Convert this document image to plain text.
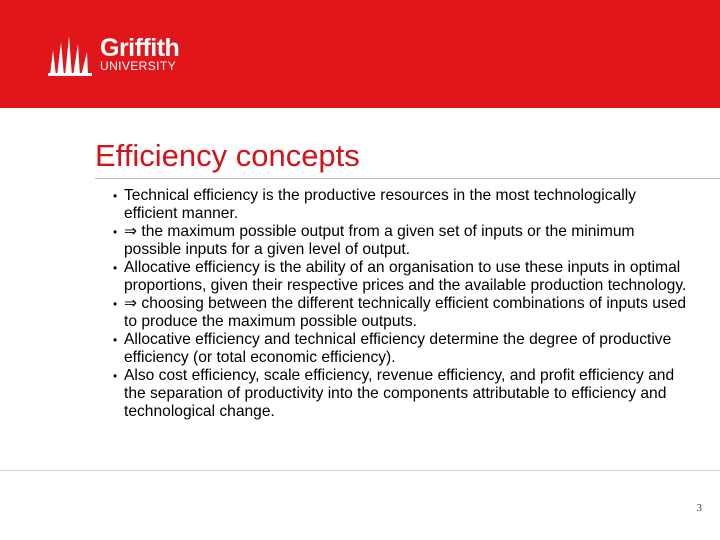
Griffith
UNIVERSITY
Efficiency concepts
• Technical efficiency is the productive resources in the most technologically efficient manner.
• ⇒ the maximum possible output from a given set of inputs or the minimum possible inputs for a given level of output.
• Allocative efficiency is the ability of an organisation to use these inputs in optimal proportions, given their respective prices and the available production technology.
• ⇒ choosing between the different technically efficient combinations of inputs used to produce the maximum possible outputs.
• Allocative efficiency and technical efficiency determine the degree of productive efficiency (or total economic efficiency).
• Also cost efficiency, scale efficiency, revenue efficiency, and profit efficiency and the separation of productivity into the components attributable to efficiency and technological change.
3
